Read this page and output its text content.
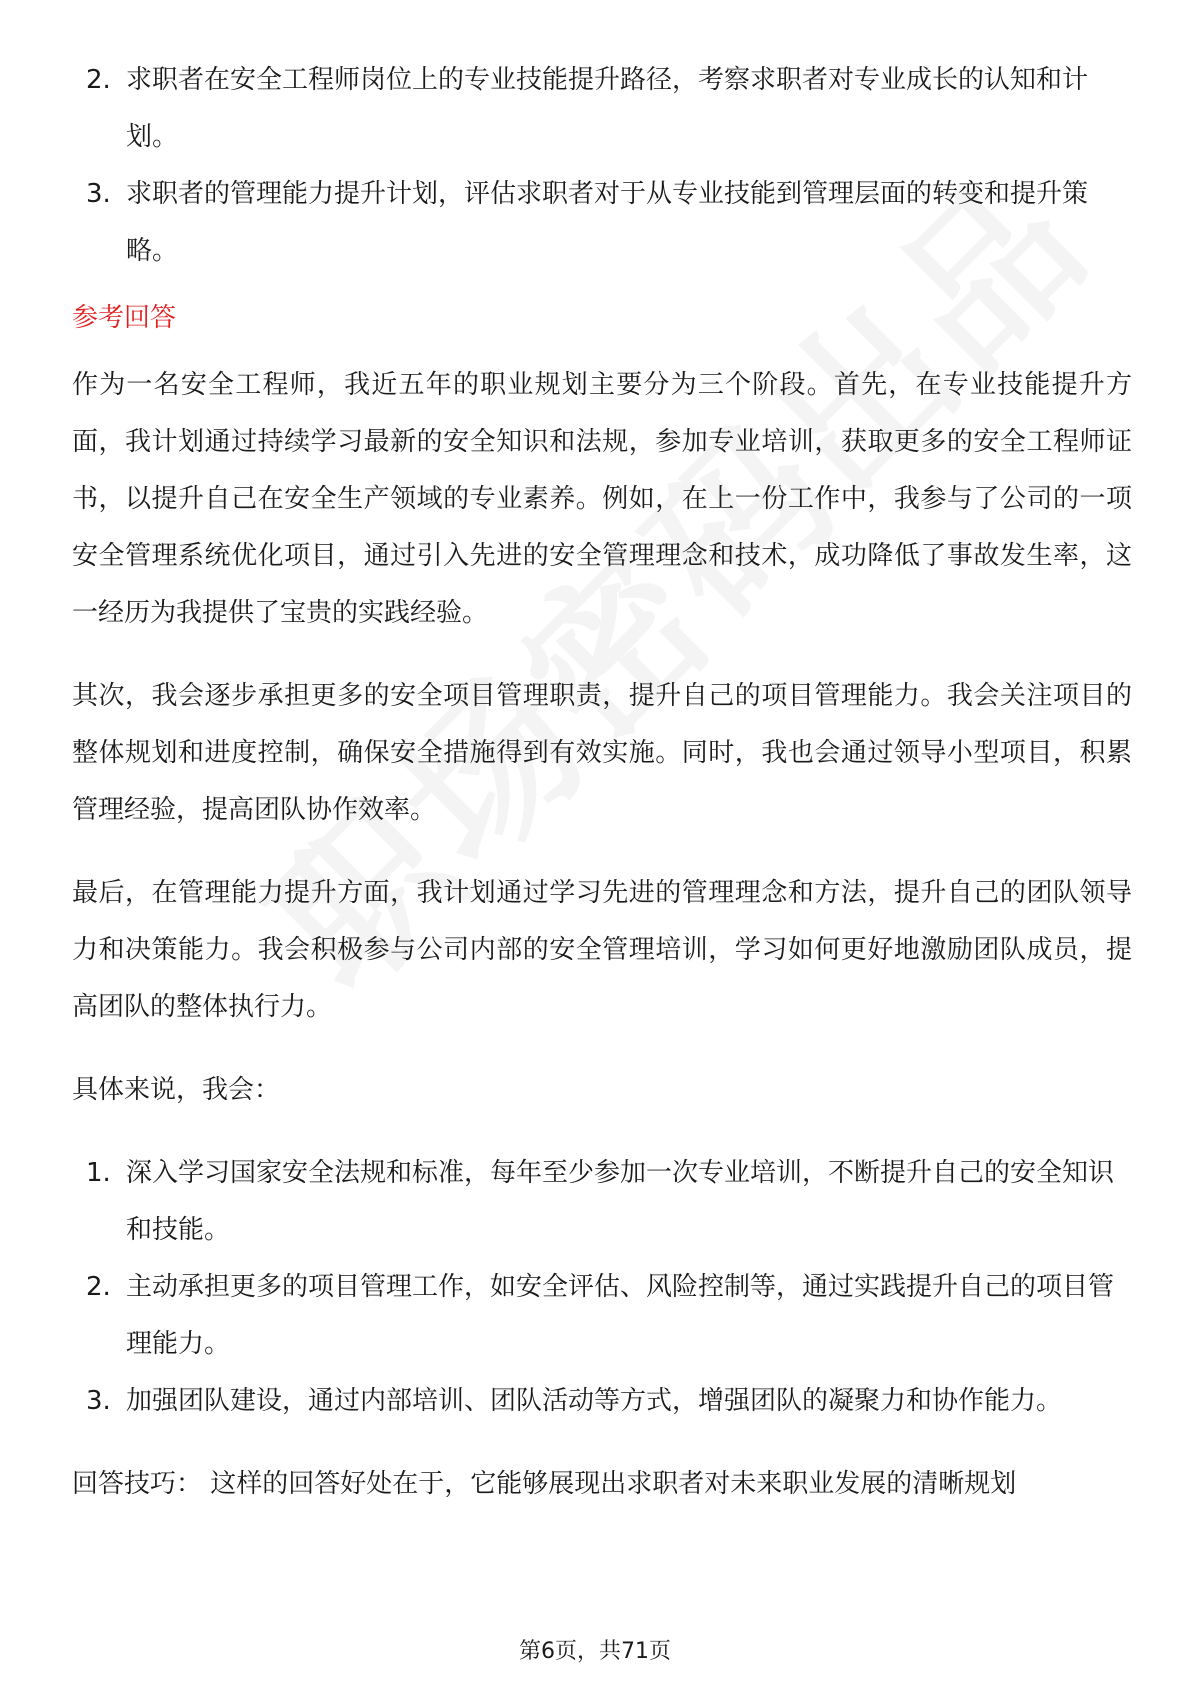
2. 求职者在安全工程师岗位上的专业技能提升路径，考察求职者对专业成长的认知和计划。
3. 求职者的管理能力提升计划，评估求职者对于从专业技能到管理层面的转变和提升策略。
参考回答

作为一名安全工程师，我近五年的职业规划主要分为三个阶段。首先，在专业技能提升方面，我计划通过持续学习最新的安全知识和法规，参加专业培训，获取更多的安全工程师证书，以提升自己在安全生产领域的专业素养。例如，在上一份工作中，我参与了公司的一项安全管理系统优化项目，通过引入先进的安全管理理念和技术，成功降低了事故发生率，这一经历为我提供了宝贵的实践经验。

其次，我会逐步承担更多的安全项目管理职责，提升自己的项目管理能力。我会关注项目的整体规划和进度控制，确保安全措施得到有效实施。同时，我也会通过领导小型项目，积累管理经验，提高团队协作效率。

最后，在管理能力提升方面，我计划通过学习先进的管理理念和方法，提升自己的团队领导力和决策能力。我会积极参与公司内部的安全管理培训，学习如何更好地激励团队成员，提高团队的整体执行力。

具体来说，我会：

1. 深入学习国家安全法规和标准，每年至少参加一次专业培训，不断提升自己的安全知识和技能。
2. 主动承担更多的项目管理工作，如安全评估、风险控制等，通过实践提升自己的项目管理能力。
3. 加强团队建设，通过内部培训、团队活动等方式，增强团队的凝聚力和协作能力。

回答技巧： 这样的回答好处在于，它能够展现出求职者对未来职业发展的清晰规划

第6页，共71页
